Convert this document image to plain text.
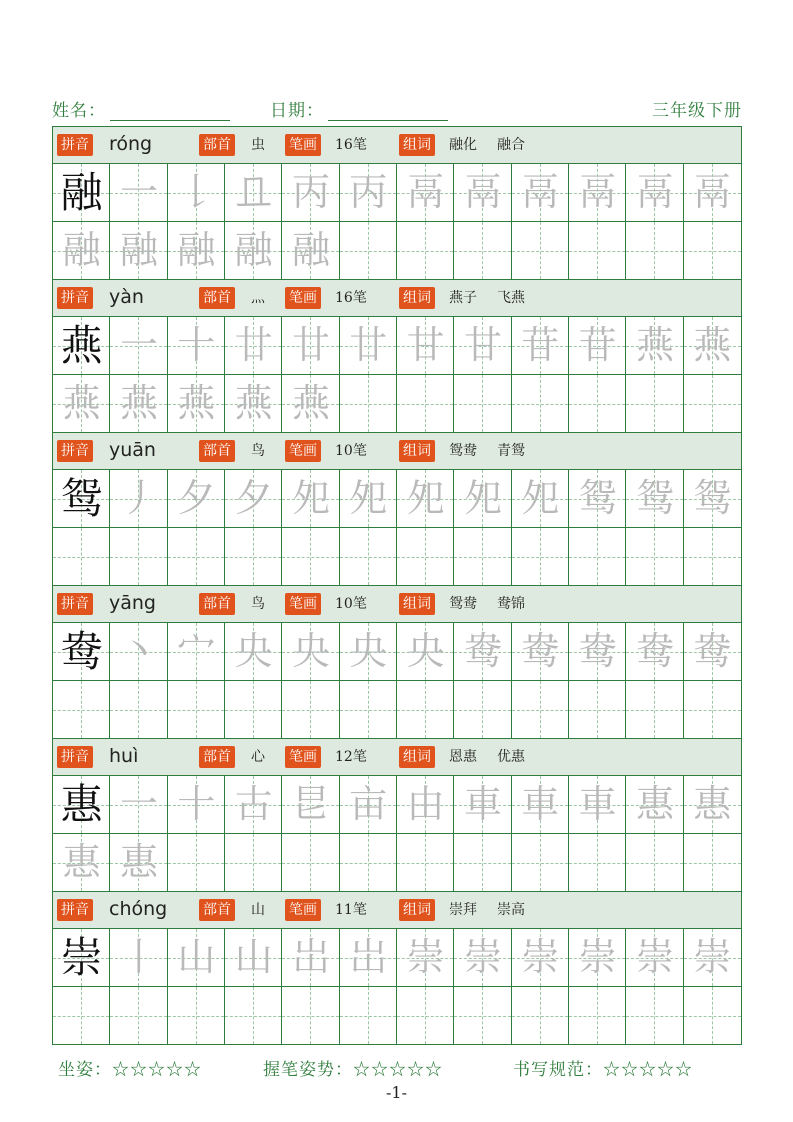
姓名：	日期：	三年级下册
拼音	部首	笔画	组词
róng	虫	16笔	融化 融合
融 一 𠄌 𠀃 丙 丙 鬲 鬲 鬲 鬲 鬲 鬲
融 融 融 融 融
拼音	部首	笔画	组词
yàn	灬	16笔	燕子 飞燕
燕 一 十 廿 廿 廿 甘 甘 苷 苷 燕 燕
燕 燕 燕 燕 燕
拼音	部首	笔画	组词
yuān	鸟	10笔	鸳鸯 青鸳
鸳 丿 夕 夕 夗 夗 夗 夗 夗 鸳 鸳 鸳
拼音	部首	笔画	组词
yāng	鸟	10笔	鸳鸯 鸯锦
鸯 丶 宀 央 央 央 央 鸯 鸯 鸯 鸯 鸯
拼音	部首	笔画	组词
huì	心	12笔	恩惠 优惠
惠 一 十 古 㫐 亩 由 車 車 車 惠 惠
惠 惠
拼音	部首	笔画	组词
chóng	山	11笔	崇拜 崇高
崇 丨 山 山 岀 岀 崇 崇 崇 崇 崇 崇
坐姿：☆☆☆☆☆	握笔姿势：☆☆☆☆☆	书写规范：☆☆☆☆☆
-1-
